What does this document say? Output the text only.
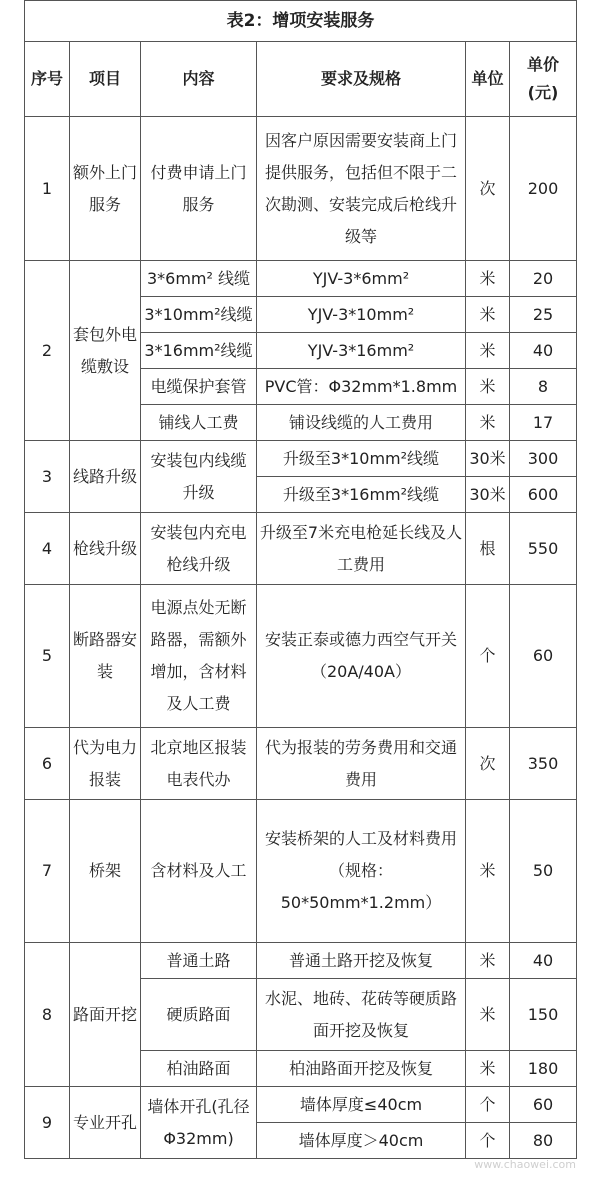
表2：增项安装服务
序号	项目	内容	要求及规格	单位	单价(元)
1	额外上门服务	付费申请上门服务	因客户原因需要安装商上门提供服务，包括但不限于二次勘测、安装完成后枪线升级等	次	200
2	套包外电缆敷设	3*6mm² 线缆	YJV-3*6mm²	米	20
		3*10mm²线缆	YJV-3*10mm²	米	25
		3*16mm²线缆	YJV-3*16mm²	米	40
		电缆保护套管	PVC管：Φ32mm*1.8mm	米	8
		铺线人工费	铺设线缆的人工费用	米	17
3	线路升级	安装包内线缆升级	升级至3*10mm²线缆	30米	300
			升级至3*16mm²线缆	30米	600
4	枪线升级	安装包内充电枪线升级	升级至7米充电枪延长线及人工费用	根	550
5	断路器安装	电源点处无断路器，需额外增加，含材料及人工费	安装正泰或德力西空气开关（20A/40A）	个	60
6	代为电力报装	北京地区报装电表代办	代为报装的劳务费用和交通费用	次	350
7	桥架	含材料及人工	安装桥架的人工及材料费用（规格：50*50mm*1.2mm）	米	50
8	路面开挖	普通土路	普通土路开挖及恢复	米	40
		硬质路面	水泥、地砖、花砖等硬质路面开挖及恢复	米	150
		柏油路面	柏油路面开挖及恢复	米	180
9	专业开孔	墙体开孔(孔径Φ32mm)	墙体厚度≤40cm	个	60
			墙体厚度＞40cm	个	80
www.chaowei.com
